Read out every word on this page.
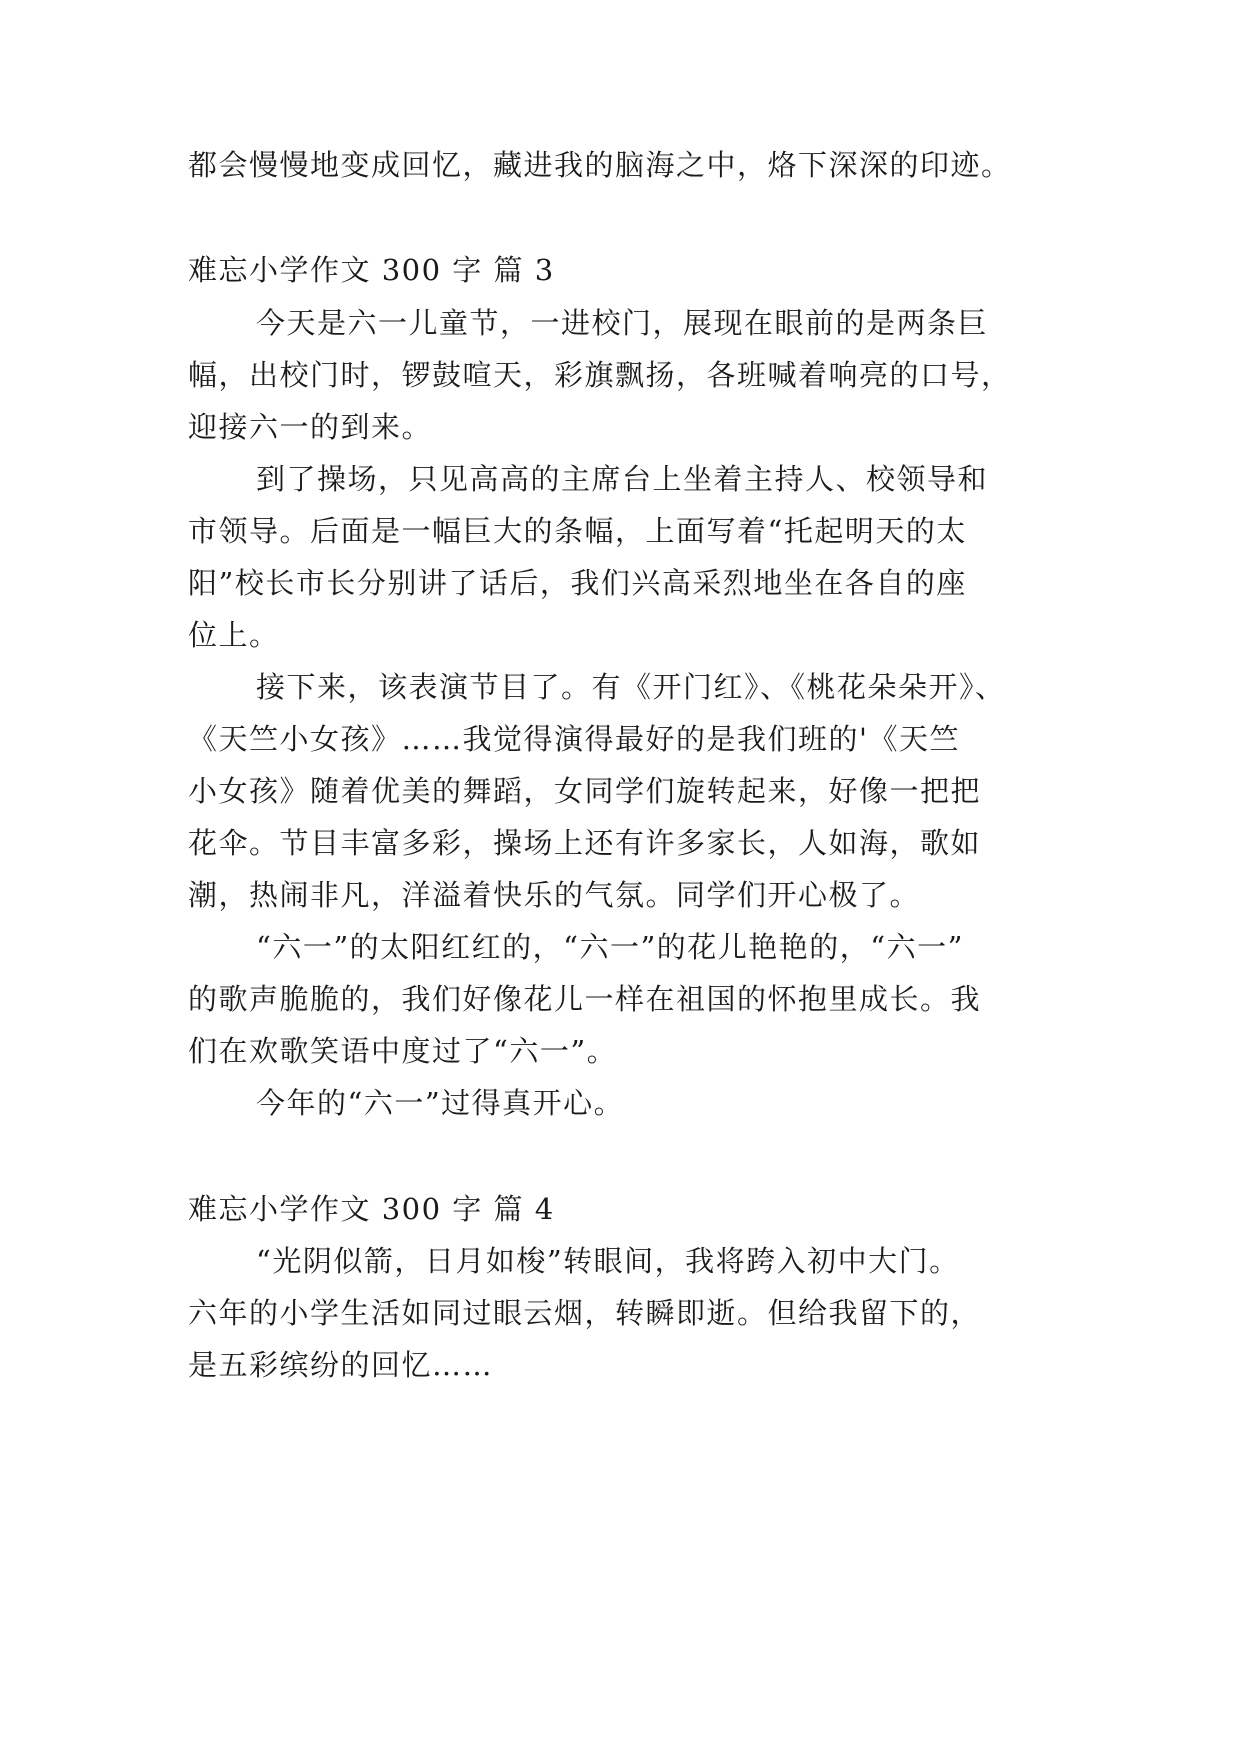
都会慢慢地变成回忆，藏进我的脑海之中，烙下深深的印迹。
难忘小学作文 300 字 篇 3
今天是六一儿童节，一进校门，展现在眼前的是两条巨
幅，出校门时，锣鼓喧天，彩旗飘扬，各班喊着响亮的口号，
迎接六一的到来。
到了操场，只见高高的主席台上坐着主持人、校领导和
市领导。后面是一幅巨大的条幅，上面写着“托起明天的太
阳”校长市长分别讲了话后，我们兴高采烈地坐在各自的座
位上。
接下来，该表演节目了。有《开门红》、《桃花朵朵开》、
《天竺小女孩》……我觉得演得最好的是我们班的'《天竺
小女孩》随着优美的舞蹈，女同学们旋转起来，好像一把把
花伞。节目丰富多彩，操场上还有许多家长，人如海，歌如
潮，热闹非凡，洋溢着快乐的气氛。同学们开心极了。
“六一”的太阳红红的，“六一”的花儿艳艳的，“六一”
的歌声脆脆的，我们好像花儿一样在祖国的怀抱里成长。我
们在欢歌笑语中度过了“六一”。
今年的“六一”过得真开心。
难忘小学作文 300 字 篇 4
“光阴似箭，日月如梭”转眼间，我将跨入初中大门。
六年的小学生活如同过眼云烟，转瞬即逝。但给我留下的，
是五彩缤纷的回忆……
